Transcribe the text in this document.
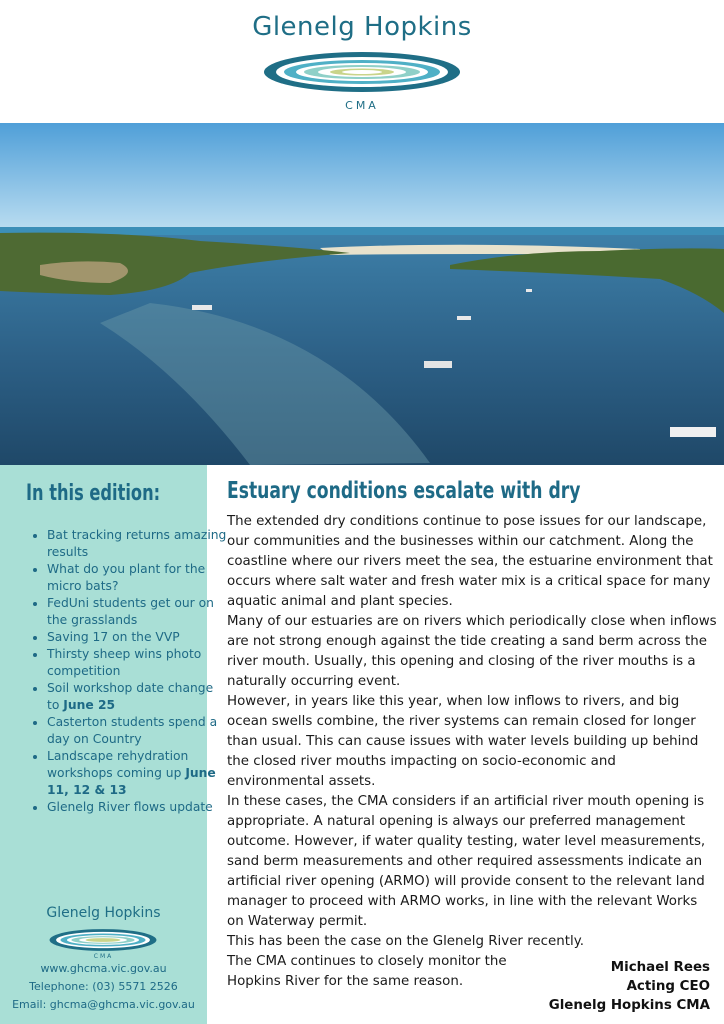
Glenelg Hopkins
CMA
In this edition:
• Bat tracking returns amazing results
• What do you plant for the micro bats?
• FedUni students get our on the grasslands
• Saving 17 on the VVP
• Thirsty sheep wins photo competition
• Soil workshop date change to June 25
• Casterton students spend a day on Country
• Landscape rehydration workshops coming up June 11, 12 & 13
• Glenelg River flows update
Glenelg Hopkins
CMA
www.ghcma.vic.gov.au
Telephone: (03) 5571 2526
Email: ghcma@ghcma.vic.gov.au
Estuary conditions escalate with dry

The extended dry conditions continue to pose issues for our landscape, our communities and the businesses within our catchment. Along the coastline where our rivers meet the sea, the estuarine environment that occurs where salt water and fresh water mix is a critical space for many aquatic animal and plant species.

Many of our estuaries are on rivers which periodically close when inflows are not strong enough against the tide creating a sand berm across the river mouth. Usually, this opening and closing of the river mouths is a naturally occurring event.

However, in years like this year, when low inflows to rivers, and big ocean swells combine, the river systems can remain closed for longer than usual. This can cause issues with water levels building up behind the closed river mouths impacting on socio-economic and environmental assets.

In these cases, the CMA considers if an artificial river mouth opening is appropriate. A natural opening is always our preferred management outcome. However, if water quality testing, water level measurements, sand berm measurements and other required assessments indicate an artificial river opening (ARMO) will provide consent to the relevant land manager to proceed with ARMO works, in line with the relevant Works on Waterway permit.

This has been the case on the Glenelg River recently.

The CMA continues to closely monitor the Hopkins River for the same reason.

Michael Rees
Acting CEO
Glenelg Hopkins CMA
